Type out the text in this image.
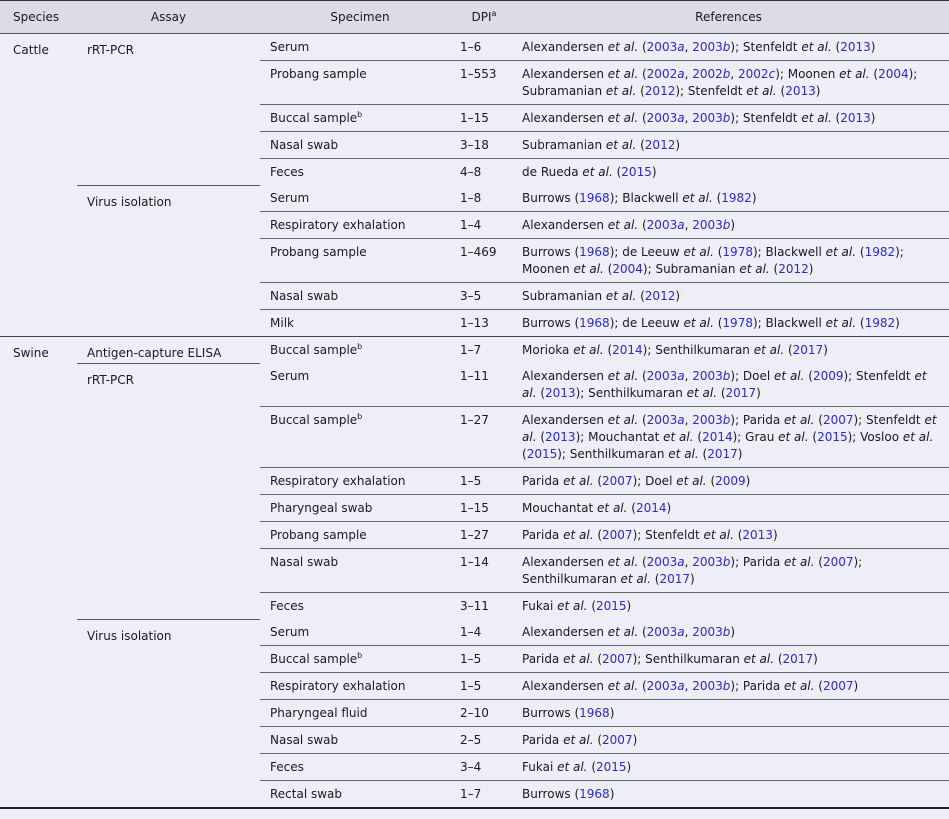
Species	Assay	Specimen	DPI$^a$	References
Cattle	rRT-PCR	Serum	1–6	Alexandersen et al. (2003a, 2003b); Stenfeldt et al. (2013)
		Probang sample	1–553	Alexandersen et al. (2002a, 2002b, 2002c); Moonen et al. (2004); Subramanian et al. (2012); Stenfeldt et al. (2013)
		Buccal sample$^b$	1–15	Alexandersen et al. (2003a, 2003b); Stenfeldt et al. (2013)
		Nasal swab	3–18	Subramanian et al. (2012)
		Feces	4–8	de Rueda et al. (2015)
	Virus isolation	Serum	1–8	Burrows (1968); Blackwell et al. (1982)
		Respiratory exhalation	1–4	Alexandersen et al. (2003a, 2003b)
		Probang sample	1–469	Burrows (1968); de Leeuw et al. (1978); Blackwell et al. (1982); Moonen et al. (2004); Subramanian et al. (2012)
		Nasal swab	3–5	Subramanian et al. (2012)
		Milk	1–13	Burrows (1968); de Leeuw et al. (1978); Blackwell et al. (1982)
Swine	Antigen-capture ELISA	Buccal sample$^b$	1–7	Morioka et al. (2014); Senthilkumaran et al. (2017)
	rRT-PCR	Serum	1–11	Alexandersen et al. (2003a, 2003b); Doel et al. (2009); Stenfeldt et al. (2013); Senthilkumaran et al. (2017)
		Buccal sample$^b$	1–27	Alexandersen et al. (2003a, 2003b); Parida et al. (2007); Stenfeldt et al. (2013); Mouchantat et al. (2014); Grau et al. (2015); Vosloo et al. (2015); Senthilkumaran et al. (2017)
		Respiratory exhalation	1–5	Parida et al. (2007); Doel et al. (2009)
		Pharyngeal swab	1–15	Mouchantat et al. (2014)
		Probang sample	1–27	Parida et al. (2007); Stenfeldt et al. (2013)
		Nasal swab	1–14	Alexandersen et al. (2003a, 2003b); Parida et al. (2007); Senthilkumaran et al. (2017)
		Feces	3–11	Fukai et al. (2015)
	Virus isolation	Serum	1–4	Alexandersen et al. (2003a, 2003b)
		Buccal sample$^b$	1–5	Parida et al. (2007); Senthilkumaran et al. (2017)
		Respiratory exhalation	1–5	Alexandersen et al. (2003a, 2003b); Parida et al. (2007)
		Pharyngeal fluid	2–10	Burrows (1968)
		Nasal swab	2–5	Parida et al. (2007)
		Feces	3–4	Fukai et al. (2015)
		Rectal swab	1–7	Burrows (1968)
